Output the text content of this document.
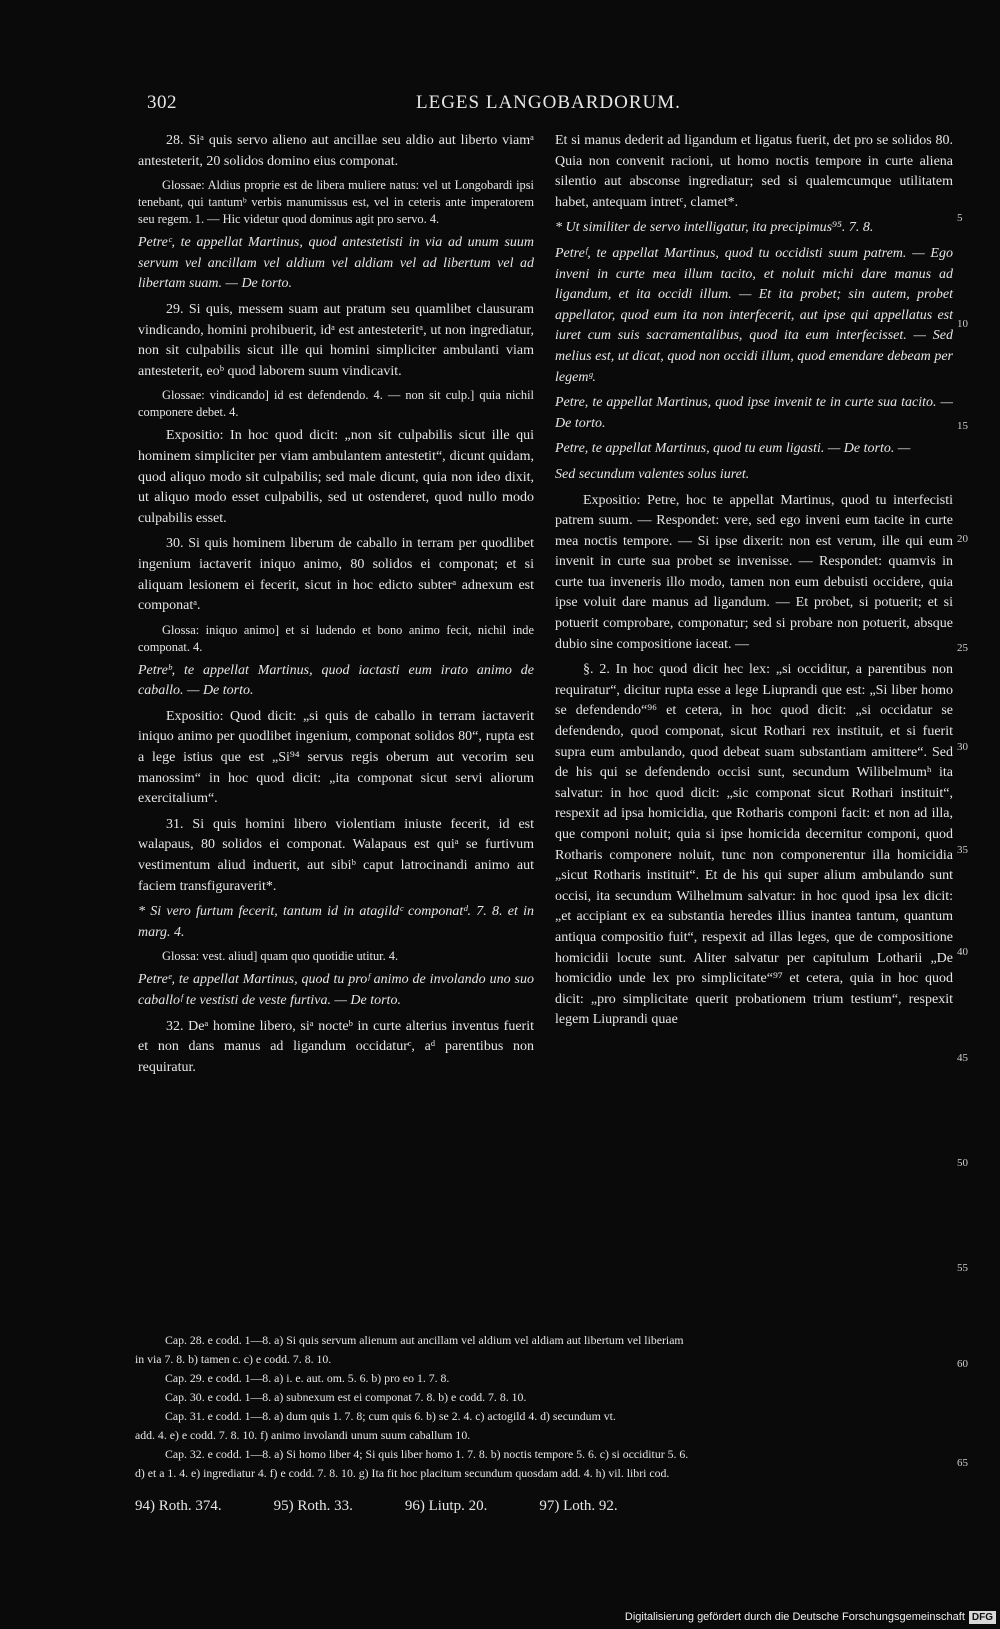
302	LEGES LANGOBARDORUM.

28. Siᵃ quis servo alieno aut ancillae seu aldio aut liberto viamᵃ antesteterit, 20 solidos domino eius componat.

Glossae: Aldius proprie est de libera muliere natus: vel ut Longobardi ipsi tenebant, qui tantumᵇ verbis manumissus est, vel in ceteris ante imperatorem seu regem. 1. — Hic videtur quod dominus agit pro servo. 4.

Petreᶜ, te appellat Martinus, quod antestetisti in via ad unum suum servum vel ancillam vel aldium vel aldiam vel ad libertum vel ad libertam suam. — De torto.

29. Si quis, messem suam aut pratum seu quamlibet clausuram vindicando, homini prohibuerit, idᵃ est antesteteritᵃ, ut non ingrediatur, non sit culpabilis sicut ille qui homini simpliciter ambulanti viam antesteterit, eoᵇ quod laborem suum vindicavit.

Glossae: vindicando] id est defendendo. 4. — non sit culp.] quia nichil componere debet. 4.

Expositio: In hoc quod dicit: „non sit culpabilis sicut ille qui hominem simpliciter per viam ambulantem antestetit“, dicunt quidam, quod aliquo modo sit culpabilis; sed male dicunt, quia non ideo dixit, ut aliquo modo esset culpabilis, sed ut ostenderet, quod nullo modo culpabilis esset.

30. Si quis hominem liberum de caballo in terram per quodlibet ingenium iactaverit iniquo animo, 80 solidos ei componat; et si aliquam lesionem ei fecerit, sicut in hoc edicto subterᵃ adnexum est componatᵃ.

Glossa: iniquo animo] et si ludendo et bono animo fecit, nichil inde componat. 4.

Petreᵇ, te appellat Martinus, quod iactasti eum irato animo de caballo. — De torto.

Expositio: Quod dicit: „si quis de caballo in terram iactaverit iniquo animo per quodlibet ingenium, componat solidos 80“, rupta est a lege istius que est „Si⁹⁴ servus regis oberum aut vecorim seu manossim“ in hoc quod dicit: „ita componat sicut servi aliorum exercitalium“.

31. Si quis homini libero violentiam iniuste fecerit, id est walapaus, 80 solidos ei componat. Walapaus est quiᵃ se furtivum vestimentum aliud induerit, aut sibiᵇ caput latrocinandi animo aut faciem transfiguraverit*.

* Si vero furtum fecerit, tantum id in atagildᶜ componatᵈ. 7. 8. et in marg. 4.

Glossa: vest. aliud] quam quo quotidie utitur. 4.

Petreᵉ, te appellat Martinus, quod tu proᶠ animo de involando uno suo caballoᶠ te vestisti de veste furtiva. — De torto.

32. Deᵃ homine libero, siᵃ nocteᵇ in curte alterius inventus fuerit et non dans manus ad ligandum occidaturᶜ, aᵈ parentibus non requiratur.

Et si manus dederit ad ligandum et ligatus fuerit, det pro se solidos 80. Quia non convenit racioni, ut homo noctis tempore in curte aliena silentio aut absconse ingrediatur; sed si qualemcumque utilitatem habet, antequam intretᶜ, clamet*.

* Ut similiter de servo intelligatur, ita precipimus⁹⁵. 7. 8.

Petreᶠ, te appellat Martinus, quod tu occidisti suum patrem. — Ego inveni in curte mea illum tacito, et noluit michi dare manus ad ligandum, et ita occidi illum. — Et ita probet; sin autem, probet appellator, quod eum ita non interfecerit, aut ipse qui appellatus est iuret cum suis sacramentalibus, quod ita eum interfecisset. — Sed melius est, ut dicat, quod non occidi illum, quod emendare debeam per legemᵍ.

Petre, te appellat Martinus, quod ipse invenit te in curte sua tacito. — De torto.

Petre, te appellat Martinus, quod tu eum ligasti. — De torto. —

Sed secundum valentes solus iuret.

Expositio: Petre, hoc te appellat Martinus, quod tu interfecisti patrem suum. — Respondet: vere, sed ego inveni eum tacite in curte mea noctis tempore. — Si ipse dixerit: non est verum, ille qui eum invenit in curte sua probet se invenisse. — Respondet: quamvis in curte tua inveneris illo modo, tamen non eum debuisti occidere, quia ipse voluit dare manus ad ligandum. — Et probet, si potuerit; et si potuerit comprobare, componatur; sed si probare non potuerit, absque dubio sine compositione iaceat. —

§. 2. In hoc quod dicit hec lex: „si occiditur, a parentibus non requiratur“, dicitur rupta esse a lege Liuprandi que est: „Si liber homo se defendendo“⁹⁶ et cetera, in hoc quod dicit: „si occidatur se defendendo, quod componat, sicut Rothari rex instituit, et si fuerit supra eum ambulando, quod debeat suam substantiam amittere“. Sed de his qui se defendendo occisi sunt, secundum Wilibelmumʰ ita salvatur: in hoc quod dicit: „sic componat sicut Rothari instituit“, respexit ad ipsa homicidia, que Rotharis componi facit: et non ad illa, que componi noluit; quia si ipse homicida decernitur componi, quod Rotharis componere noluit, tunc non componerentur illa homicidia „sicut Rotharis instituit“. Et de his qui super alium ambulando sunt occisi, ita secundum Wilhelmum salvatur: in hoc quod ipsa lex dicit: „et accipiant ex ea substantia heredes illius inantea tantum, quantum antiqua compositio fuit“, respexit ad illas leges, que de compositione homicidii locute sunt. Aliter salvatur per capitulum Lotharii „De homicidio unde lex pro simplicitate“⁹⁷ et cetera, quia in hoc quod dicit: „pro simplicitate querit probationem trium testium“, respexit legem Liuprandi quae

5
10
15
20
25
30
35
40
45
50
55
60
65

Cap. 28. e codd. 1—8. a) Si quis servum alienum aut ancillam vel aldium vel aldiam aut libertum vel liberiam

in via 7. 8. b) tamen c. c) e codd. 7. 8. 10.

Cap. 29. e codd. 1—8. a) i. e. aut. om. 5. 6. b) pro eo 1. 7. 8.

Cap. 30. e codd. 1—8. a) subnexum est ei componat 7. 8. b) e codd. 7. 8. 10.

Cap. 31. e codd. 1—8. a) dum quis 1. 7. 8; cum quis 6. b) se 2. 4. c) actogild 4. d) secundum vt.

add. 4. e) e codd. 7. 8. 10. f) animo involandi unum suum caballum 10.

Cap. 32. e codd. 1—8. a) Si homo liber 4; Si quis liber homo 1. 7. 8. b) noctis tempore 5. 6. c) si occiditur 5. 6.

d) et a 1. 4. e) ingrediatur 4. f) e codd. 7. 8. 10. g) Ita fit hoc placitum secundum quosdam add. 4. h) vil. libri cod.

94) Roth. 374.	95) Roth. 33.	96) Liutp. 20.	97) Loth. 92.
Digitalisierung gefördert durch die Deutsche Forschungsgemeinschaft DFG
